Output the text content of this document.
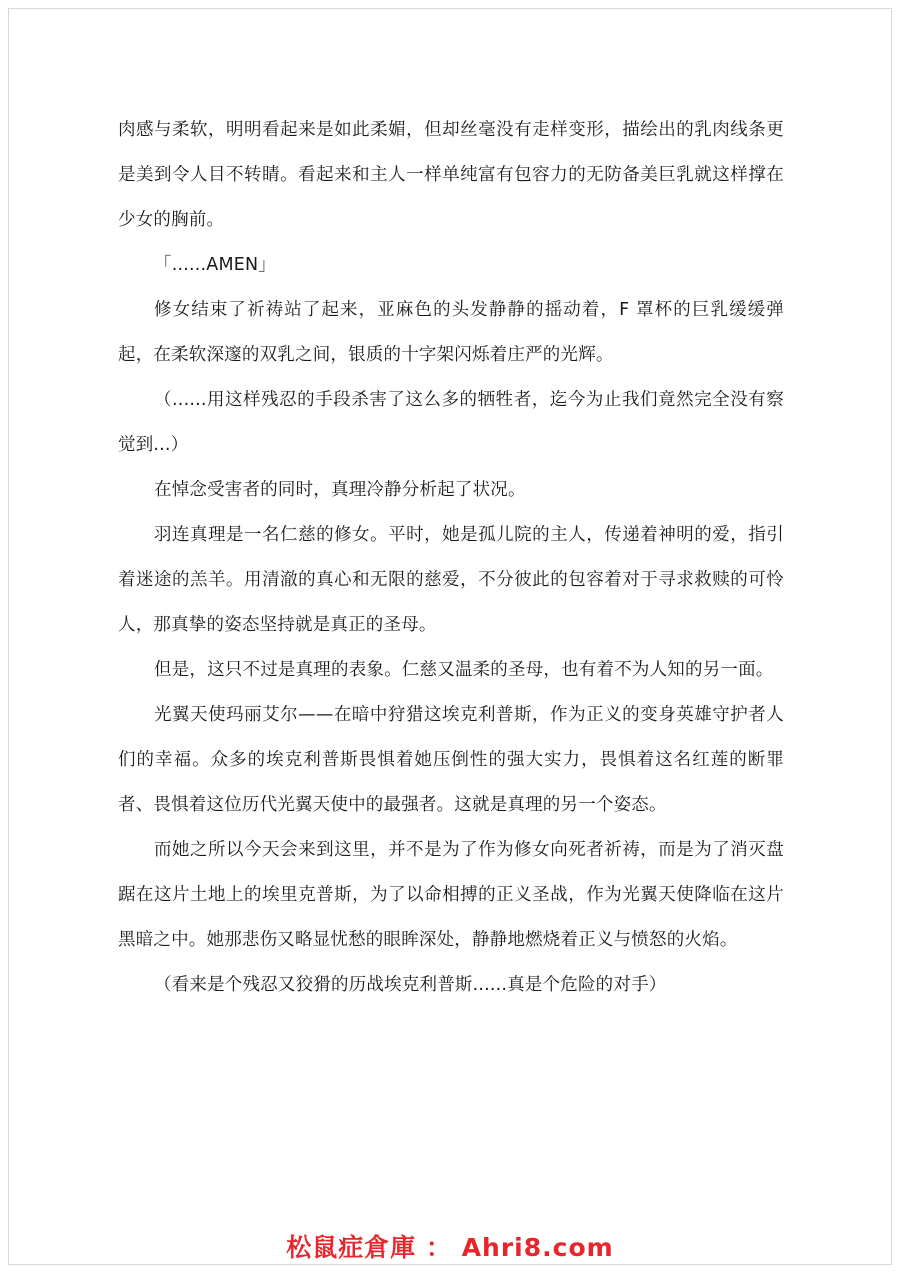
肉感与柔软，明明看起来是如此柔媚，但却丝毫没有走样变形，描绘出的乳肉线条更是美到令人目不转睛。看起来和主人一样单纯富有包容力的无防备美巨乳就这样撑在少女的胸前。

「......AMEN」

修女结束了祈祷站了起来，亚麻色的头发静静的摇动着，F 罩杯的巨乳缓缓弹起，在柔软深邃的双乳之间，银质的十字架闪烁着庄严的光辉。

（......用这样残忍的手段杀害了这么多的牺牲者，迄今为止我们竟然完全没有察觉到...）

在悼念受害者的同时，真理冷静分析起了状况。

羽连真理是一名仁慈的修女。平时，她是孤儿院的主人，传递着神明的爱，指引着迷途的羔羊。用清澈的真心和无限的慈爱，不分彼此的包容着对于寻求救赎的可怜人，那真挚的姿态坚持就是真正的圣母。

但是，这只不过是真理的表象。仁慈又温柔的圣母，也有着不为人知的另一面。

光翼天使玛丽艾尔——在暗中狩猎这埃克利普斯，作为正义的变身英雄守护者人们的幸福。众多的埃克利普斯畏惧着她压倒性的强大实力，畏惧着这名红莲的断罪者、畏惧着这位历代光翼天使中的最强者。这就是真理的另一个姿态。

而她之所以今天会来到这里，并不是为了作为修女向死者祈祷，而是为了消灭盘踞在这片土地上的埃里克普斯，为了以命相搏的正义圣战，作为光翼天使降临在这片黑暗之中。她那悲伤又略显忧愁的眼眸深处，静静地燃烧着正义与愤怒的火焰。

（看来是个残忍又狡猾的历战埃克利普斯......真是个危险的对手）

松鼠症倉庫 ： Ahri8.com
